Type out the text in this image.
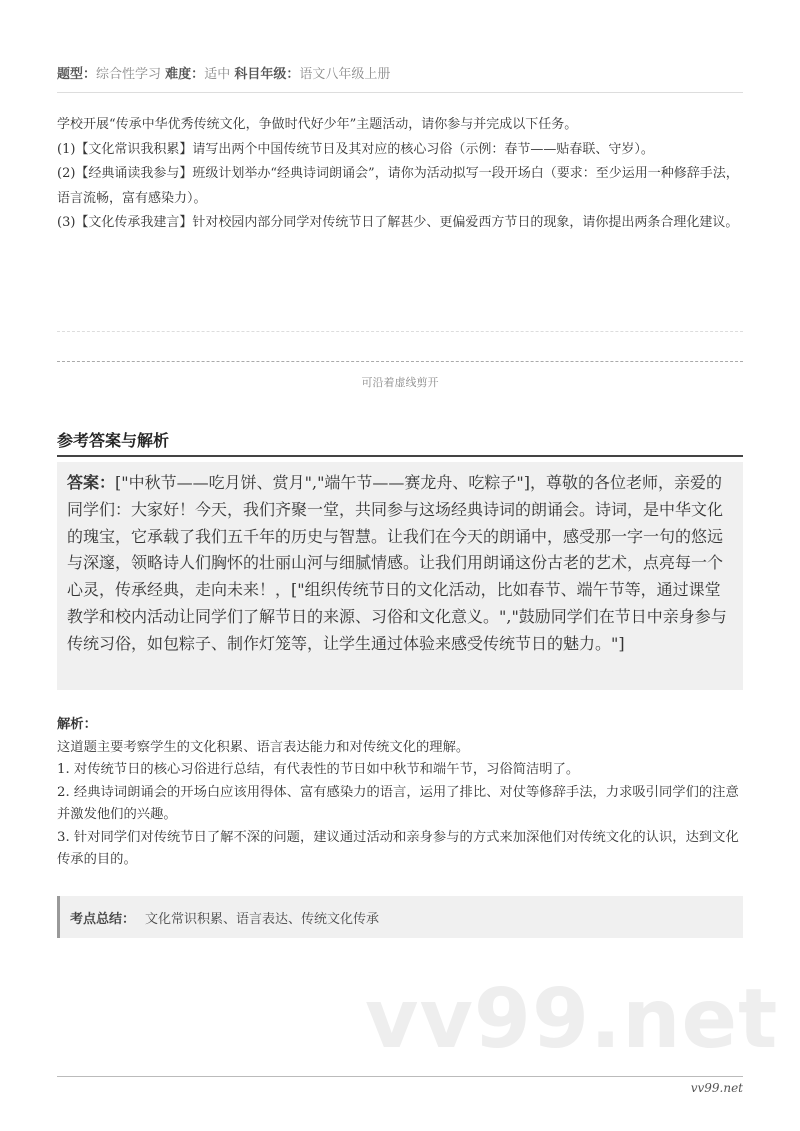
题型：综合性学习 难度：适中 科目年级：语文八年级上册

学校开展“传承中华优秀传统文化，争做时代好少年”主题活动，请你参与并完成以下任务。

(1)【文化常识我积累】请写出两个中国传统节日及其对应的核心习俗（示例：春节——贴春联、守岁）。

(2)【经典诵读我参与】班级计划举办“经典诗词朗诵会”，请你为活动拟写一段开场白（要求：至少运用一种修辞手法，语言流畅，富有感染力）。

(3)【文化传承我建言】针对校园内部分同学对传统节日了解甚少、更偏爱西方节日的现象，请你提出两条合理化建议。

可沿着虚线剪开
参考答案与解析
答案：["中秋节——吃月饼、赏月","端午节——赛龙舟、吃粽子"]，尊敬的各位老师，亲爱的同学们：大家好！今天，我们齐聚一堂，共同参与这场经典诗词的朗诵会。诗词，是中华文化的瑰宝，它承载了我们五千年的历史与智慧。让我们在今天的朗诵中，感受那一字一句的悠远与深邃，领略诗人们胸怀的壮丽山河与细腻情感。让我们用朗诵这份古老的艺术，点亮每一个心灵，传承经典，走向未来！，["组织传统节日的文化活动，比如春节、端午节等，通过课堂教学和校内活动让同学们了解节日的来源、习俗和文化意义。","鼓励同学们在节日中亲身参与传统习俗，如包粽子、制作灯笼等，让学生通过体验来感受传统节日的魅力。"]
解析：
这道题主要考察学生的文化积累、语言表达能力和对传统文化的理解。
1. 对传统节日的核心习俗进行总结，有代表性的节日如中秋节和端午节，习俗简洁明了。
2. 经典诗词朗诵会的开场白应该用得体、富有感染力的语言，运用了排比、对仗等修辞手法，力求吸引同学们的注意并激发他们的兴趣。
3. 针对同学们对传统节日了解不深的问题，建议通过活动和亲身参与的方式来加深他们对传统文化的认识，达到文化传承的目的。
考点总结： 文化常识积累、语言表达、传统文化传承
vv99.net
vv99.net
